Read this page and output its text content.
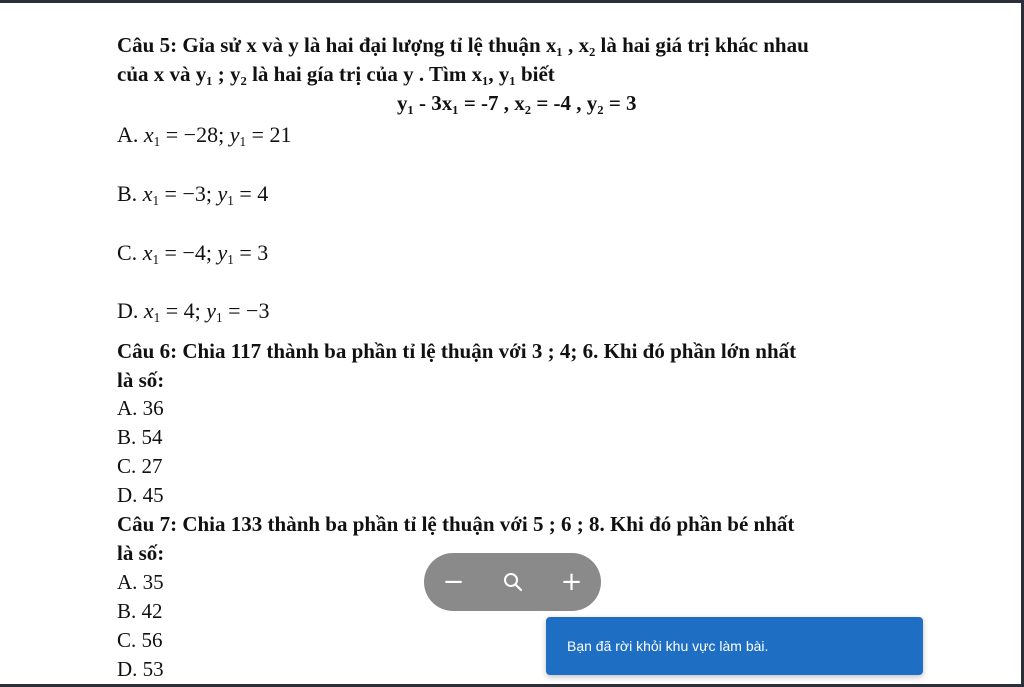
Câu 5: Gỉa sử x và y là hai đại lượng tỉ lệ thuận x₁ , x₂ là hai giá trị khác nhau
của x và y₁ ; y₂ là hai gía trị của y . Tìm x₁, y₁ biết
y₁ - 3x₁ = -7 , x₂ = -4 , y₂ = 3
A. $x_1 = -28$; $y_1 = 21$
B. $x_1 = -3$; $y_1 = 4$
C. $x_1 = -4$; $y_1 = 3$
D. $x_1 = 4$; $y_1 = -3$
Câu 6: Chia 117 thành ba phần tỉ lệ thuận với 3 ; 4; 6. Khi đó phần lớn nhất
là số:
A. 36
B. 54
C. 27
D. 45
Câu 7: Chia 133 thành ba phần tỉ lệ thuận với 5 ; 6 ; 8. Khi đó phần bé nhất
là số:
A. 35
B. 42
C. 56
D. 53
−	+
Bạn đã rời khỏi khu vực làm bài.
